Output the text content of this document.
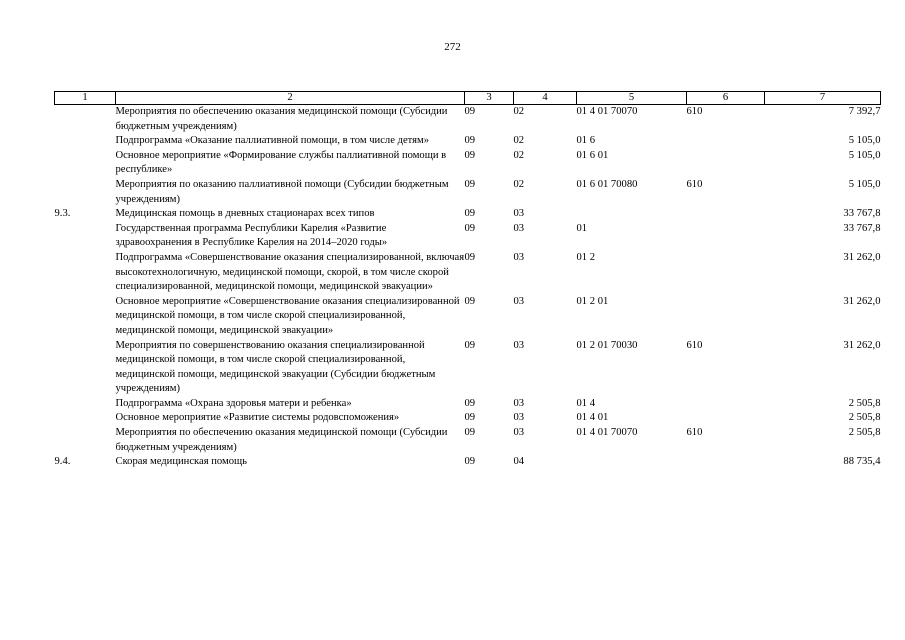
272
1	2	3	4	5	6	7
	Мероприятия по обеспечению оказания медицинской помощи (Субсидии бюджетным учреждениям)	09	02	01 4 01 70070	610	7 392,7
	Подпрограмма «Оказание паллиативной помощи, в том числе детям»	09	02	01 6		5 105,0
	Основное мероприятие «Формирование службы паллиативной помощи в республике»	09	02	01 6 01		5 105,0
	Мероприятия по оказанию паллиативной помощи (Субсидии бюджетным учреждениям)	09	02	01 6 01 70080	610	5 105,0
9.3.	Медицинская помощь в дневных стационарах всех типов	09	03			33 767,8
	Государственная программа Республики Карелия «Развитие здравоохранения в Республике Карелия на 2014–2020 годы»	09	03	01		33 767,8
	Подпрограмма «Совершенствование оказания специализированной, включая высокотехнологичную, медицинской помощи, скорой, в том числе скорой специализированной, медицинской помощи, медицинской эвакуации»	09	03	01 2		31 262,0
	Основное мероприятие «Совершенствование оказания специализированной медицинской помощи, в том числе скорой специализированной, медицинской помощи, медицинской эвакуации»	09	03	01 2 01		31 262,0
	Мероприятия по совершенствованию оказания специализированной медицинской помощи, в том числе скорой специализированной, медицинской помощи, медицинской эвакуации (Субсидии бюджетным учреждениям)	09	03	01 2 01 70030	610	31 262,0
	Подпрограмма «Охрана здоровья матери и ребенка»	09	03	01 4		2 505,8
	Основное мероприятие «Развитие системы родовспоможения»	09	03	01 4 01		2 505,8
	Мероприятия по обеспечению оказания медицинской помощи (Субсидии бюджетным учреждениям)	09	03	01 4 01 70070	610	2 505,8
9.4.	Скорая медицинская помощь	09	04			88 735,4
